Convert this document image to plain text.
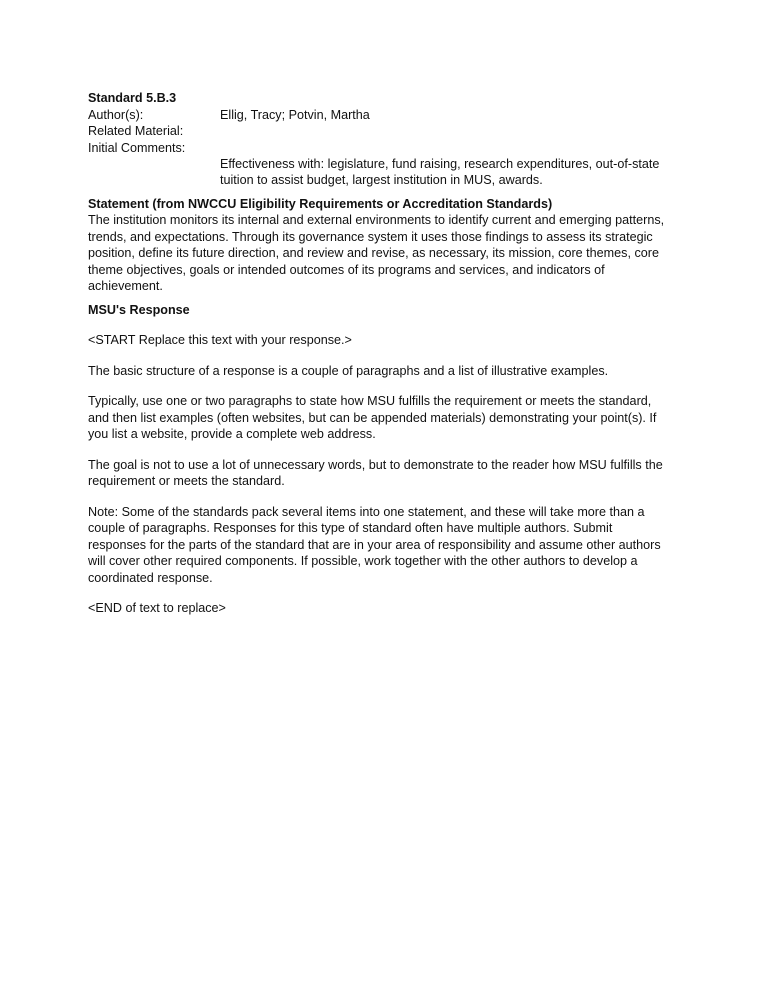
Standard 5.B.3

Author(s):	Ellig, Tracy; Potvin, Martha
Related Material:
Initial Comments:
Effectiveness with: legislature, fund raising, research expenditures, out-of-state tuition to assist budget, largest institution in MUS, awards.

Statement (from NWCCU Eligibility Requirements or Accreditation Standards)

The institution monitors its internal and external environments to identify current and emerging patterns, trends, and expectations. Through its governance system it uses those findings to assess its strategic position, define its future direction, and review and revise, as necessary, its mission, core themes, core theme objectives, goals or intended outcomes of its programs and services, and indicators of achievement.

MSU's Response

<START Replace this text with your response.>

The basic structure of a response is a couple of paragraphs and a list of illustrative examples.

Typically, use one or two paragraphs to state how MSU fulfills the requirement or meets the standard, and then list examples (often websites, but can be appended materials) demonstrating your point(s). If you list a website, provide a complete web address.

The goal is not to use a lot of unnecessary words, but to demonstrate to the reader how MSU fulfills the requirement or meets the standard.

Note: Some of the standards pack several items into one statement, and these will take more than a couple of paragraphs. Responses for this type of standard often have multiple authors. Submit responses for the parts of the standard that are in your area of responsibility and assume other authors will cover other required components. If possible, work together with the other authors to develop a coordinated response.

<END of text to replace>
